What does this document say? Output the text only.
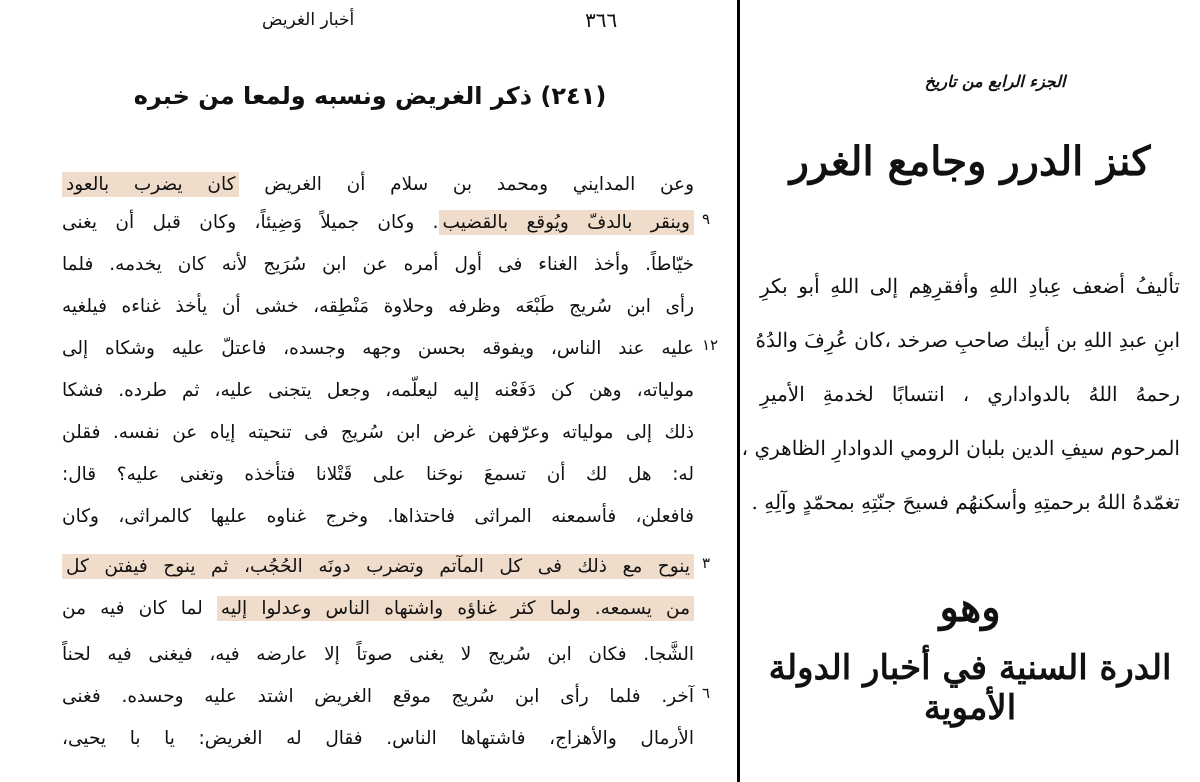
٣٦٦
أخبار الغريض
(٢٤١) ذكر الغريض ونسبه ولمعا من خبره
وعن المدايني ومحمد بن سلام أن الغريض كان يضرب بالعود
وينقر بالدفّ ويُوقع بالقضيب. وكان جميلاً وَضِيئاً، وكان قبل أن يغنى
خيّاطاً. وأخذ الغناء فى أول أمره عن ابن سُرَيج لأنه كان يخدمه. فلما
رأى ابن سُريج طَبْعَه وظرفه وحلاوة مَنْطِقه، خشى أن يأخذ غناءه فيلغيه
عليه عند الناس، ويفوقه بحسن وجهه وجسده، فاعتلّ عليه وشكاه إلى
مولياته، وهن كن دَفَعْنه إليه ليعلّمه، وجعل يتجنى عليه، ثم طرده. فشكا
ذلك إلى مولياته وعرّفهن غرض ابن سُريج فى تنحيته إياه عن نفسه. فقلن
له: هل لك أن تسمعَ نوحَنا على قَتْلانا فتأخذه وتغنى عليه؟ قال:
فافعلن، فأسمعنه المراثى فاحتذاها. وخرج غناوه عليها كالمراثى، وكان
ينوح مع ذلك فى كل المآتم وتضرب دونَه الحُجُب، ثم ينوح فيفتن كل
من يسمعه. ولما كثر غناؤه واشتهاه الناس وعدلوا إليه لما كان فيه من
الشَّجا. فكان ابن سُريج لا يغنى صوتاً إلا عارضه فيه، فيغنى فيه لحناً
آخر. فلما رأى ابن سُريج موقع الغريض اشتد عليه وحسده. فغنى
الأرمال والأهزاج، فاشتهاها الناس. فقال له الغريض: يا با يحيى،
٩
١٢
٣
٦
الجزء الرابع من تاريخ
كنز الدرر وجامع الغرر
تأليفُ أضعف عِبادِ اللهِ وأفقرِهِم إلى اللهِ أبو بكرِ
ابنِ عبدِ اللهِ بن أيبك صاحبِ صرخد ،كان عُرِفَ والدُهُ
رحمهُ اللهُ بالدواداري ، انتسابًا لخدمةِ الأميرِ
المرحوم سيفِ الدين بلبان الرومي الدوادارِ الظاهري ،
تغمّدهُ اللهُ برحمتِهِ وأسكنهُم فسيحَ جنّتِهِ بمحمّدٍ وآلِهِ .
وهو
الدرة السنية في أخبار الدولة الأموية
